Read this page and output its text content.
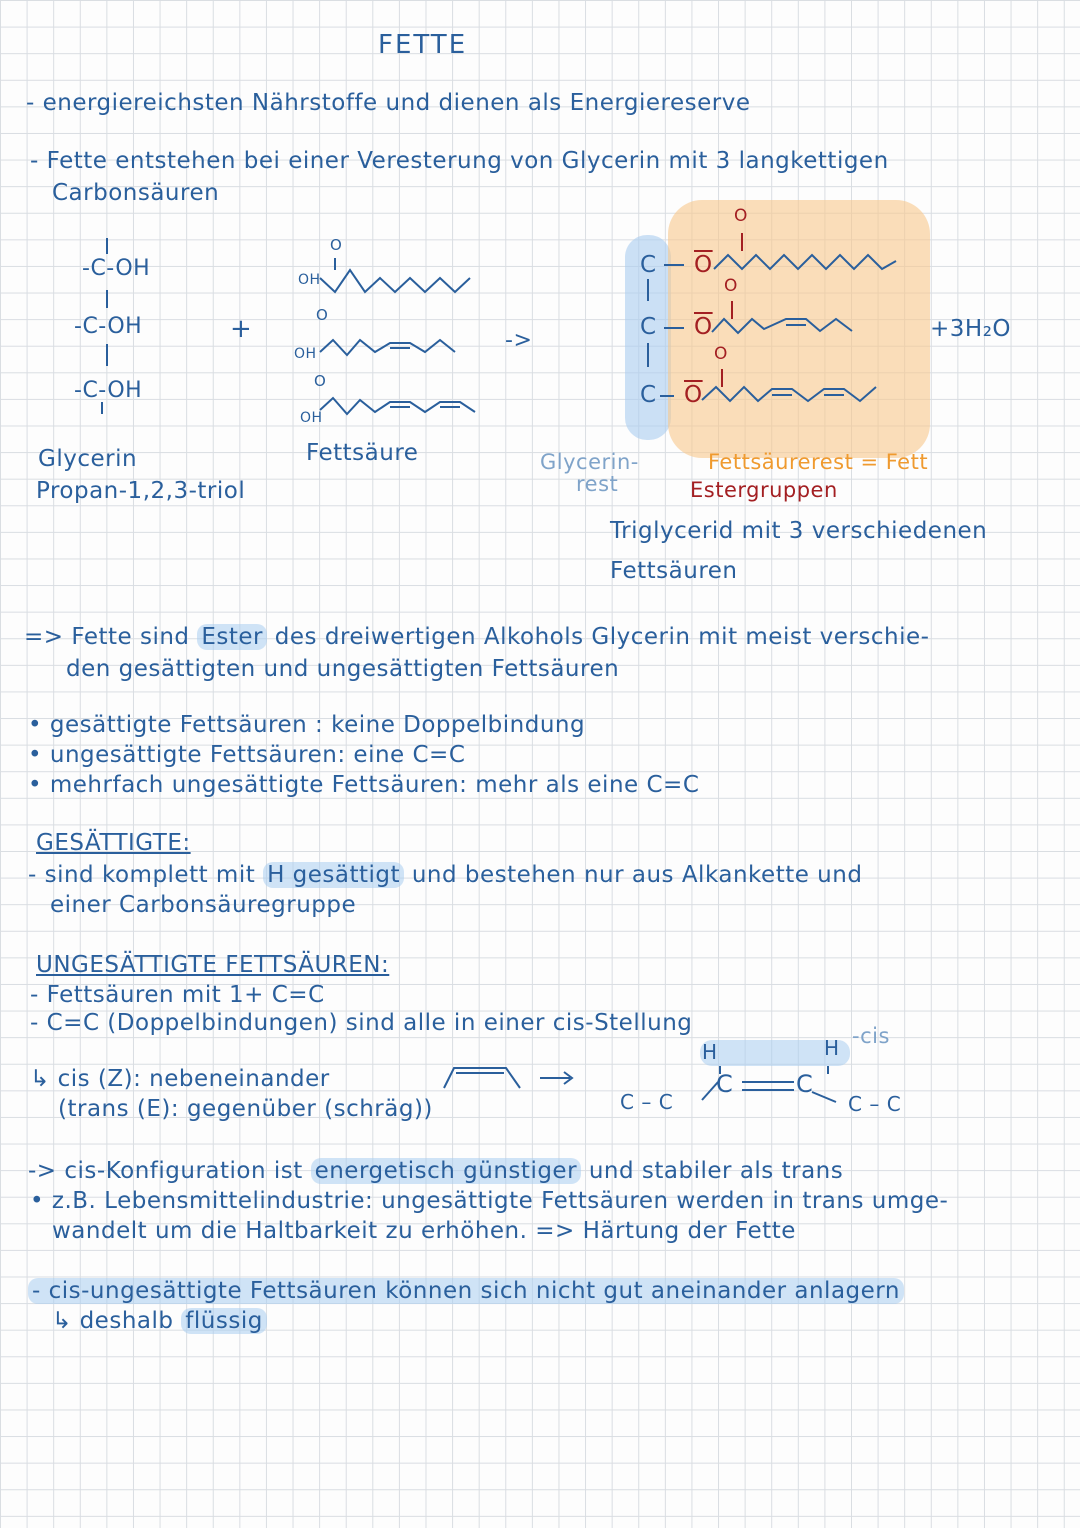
FETTE
- energiereichsten Nährstoffe und dienen als Energiereserve
- Fette entstehen bei einer Veresterung von Glycerin mit 3 langkettigen
Carbonsäuren
-C-OH
-C-OH
-C-OH
+
OH
O
OH
O
OH
O
->
C
C
C
$\overline{O}$
$\overline{O}$
$\overline{O}$
O
O
O
+3H₂O
Glycerin
Propan-1,2,3-triol
Fettsäure	Glycerin-
rest
Fettsäurerest = Fett
Estergruppen
Triglycerid mit 3 verschiedenen
Fettsäuren
=> Fette sind Ester des dreiwertigen Alkohols Glycerin mit meist verschie-
den gesättigten und ungesättigten Fettsäuren
• gesättigte Fettsäuren : keine Doppelbindung
• ungesättigte Fettsäuren: eine C=C
• mehrfach ungesättigte Fettsäuren: mehr als eine C=C
GESÄTTIGTE:
- sind komplett mit H gesättigt und bestehen nur aus Alkankette und
einer Carbonsäuregruppe
UNGESÄTTIGTE FETTSÄUREN:
- Fettsäuren mit 1+ C=C
- C=C (Doppelbindungen) sind alle in einer cis-Stellung
↳ cis (Z): nebeneinander
(trans (E): gegenüber (schräg))
H	H -cis
C	C
C – C	C – C
-> cis-Konfiguration ist energetisch günstiger und stabiler als trans
• z.B. Lebensmittelindustrie: ungesättigte Fettsäuren werden in trans umge-
wandelt um die Haltbarkeit zu erhöhen. => Härtung der Fette
- cis-ungesättigte Fettsäuren können sich nicht gut aneinander anlagern
↳ deshalb flüssig
